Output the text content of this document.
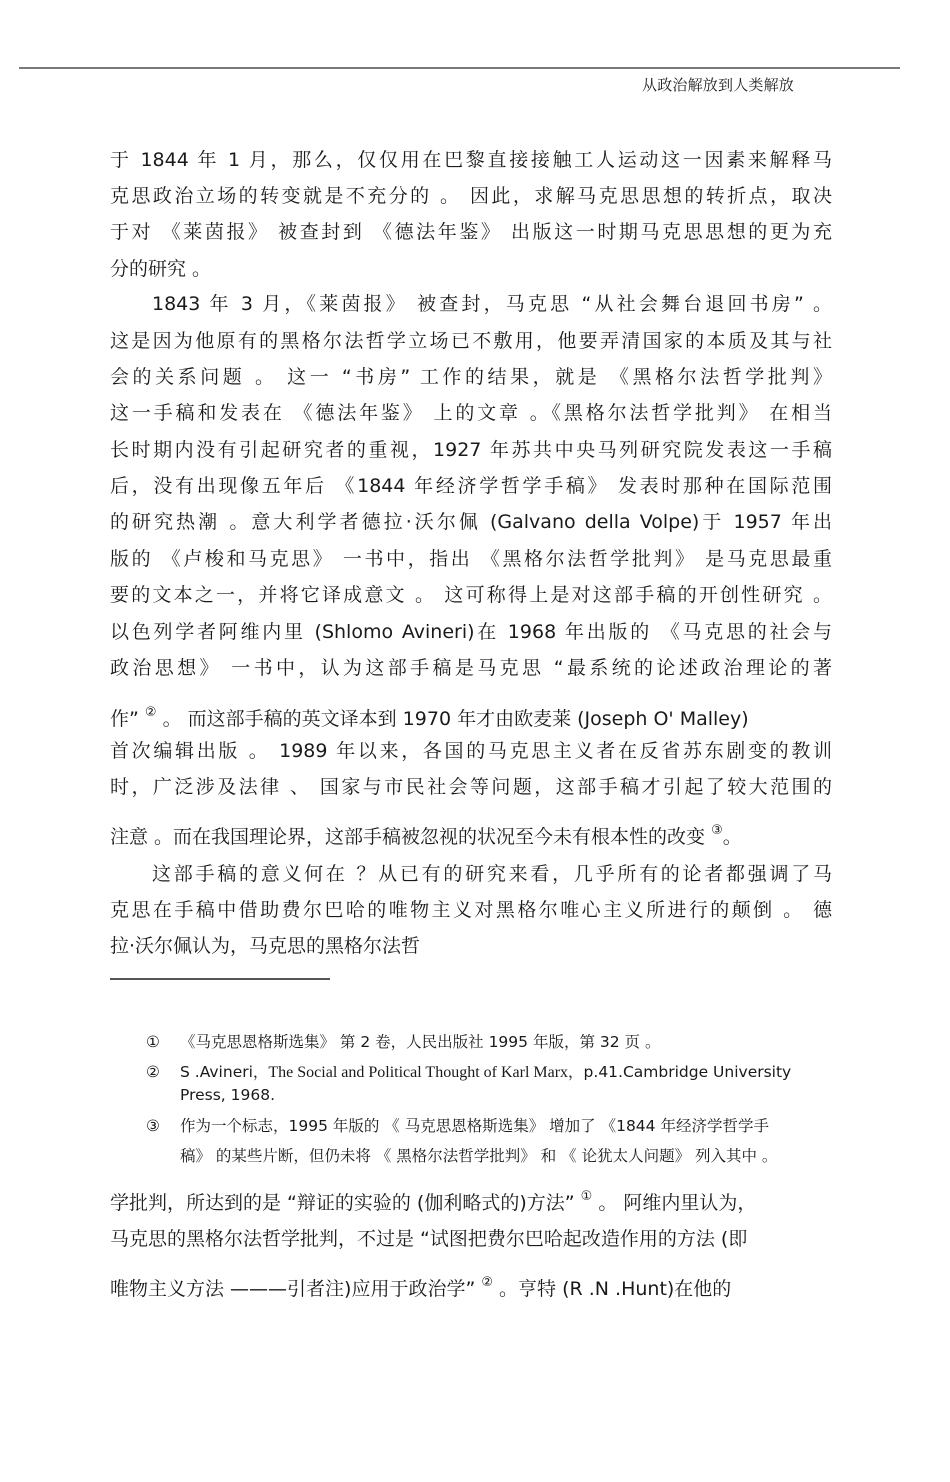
从政治解放到人类解放
于 1844 年 1 月，那么，仅仅用在巴黎直接接触工人运动这一因素来解释马
克思政治立场的转变就是不充分的 。 因此，求解马克思思想的转折点，取决
于对 《莱茵报》 被查封到 《德法年鉴》 出版这一时期马克思思想的更为充
分的研究 。
1843 年 3 月，《莱茵报》 被查封，马克思 “从社会舞台退回书房” 。
这是因为他原有的黑格尔法哲学立场已不敷用，他要弄清国家的本质及其与社
会的关系问题 。 这一 “书房” 工作的结果，就是 《黑格尔法哲学批判》
这一手稿和发表在 《德法年鉴》 上的文章 。《黑格尔法哲学批判》 在相当
长时期内没有引起研究者的重视，1927 年苏共中央马列研究院发表这一手稿
后，没有出现像五年后 《1844 年经济学哲学手稿》 发表时那种在国际范围
的研究热潮 。意大利学者德拉·沃尔佩 (Galvano della Volpe)于 1957 年出
版的 《卢梭和马克思》 一书中，指出 《黑格尔法哲学批判》 是马克思最重
要的文本之一，并将它译成意文 。 这可称得上是对这部手稿的开创性研究 。
以色列学者阿维内里 (Shlomo Avineri)在 1968 年出版的 《马克思的社会与
政治思想》 一书中，认为这部手稿是马克思 “最系统的论述政治理论的著
作” ② 。 而这部手稿的英文译本到 1970 年才由欧麦莱 (Joseph O' Malley)
首次编辑出版 。 1989 年以来，各国的马克思主义者在反省苏东剧变的教训
时，广泛涉及法律 、 国家与市民社会等问题，这部手稿才引起了较大范围的
注意 。而在我国理论界，这部手稿被忽视的状况至今未有根本性的改变 ③。
这部手稿的意义何在 ？从已有的研究来看，几乎所有的论者都强调了马
克思在手稿中借助费尔巴哈的唯物主义对黑格尔唯心主义所进行的颠倒 。 德
拉·沃尔佩认为，马克思的黑格尔法哲
① 《马克思恩格斯选集》 第 2 卷，人民出版社 1995 年版，第 32 页 。
② S .Avineri，The Social and Political Thought of Karl Marx，p.41.Cambridge University
Press, 1968.
③ 作为一个标志，1995 年版的 《 马克思恩格斯选集》 增加了 《1844 年经济学哲学手
稿》 的某些片断，但仍未将 《 黑格尔法哲学批判》 和 《 论犹太人问题》 列入其中 。
学批判，所达到的是 “辩证的实验的 (伽利略式的)方法” ① 。 阿维内里认为，
马克思的黑格尔法哲学批判，不过是 “试图把费尔巴哈起改造作用的方法 (即
唯物主义方法 ———引者注)应用于政治学” ② 。亨特 (R .N .Hunt)在他的
